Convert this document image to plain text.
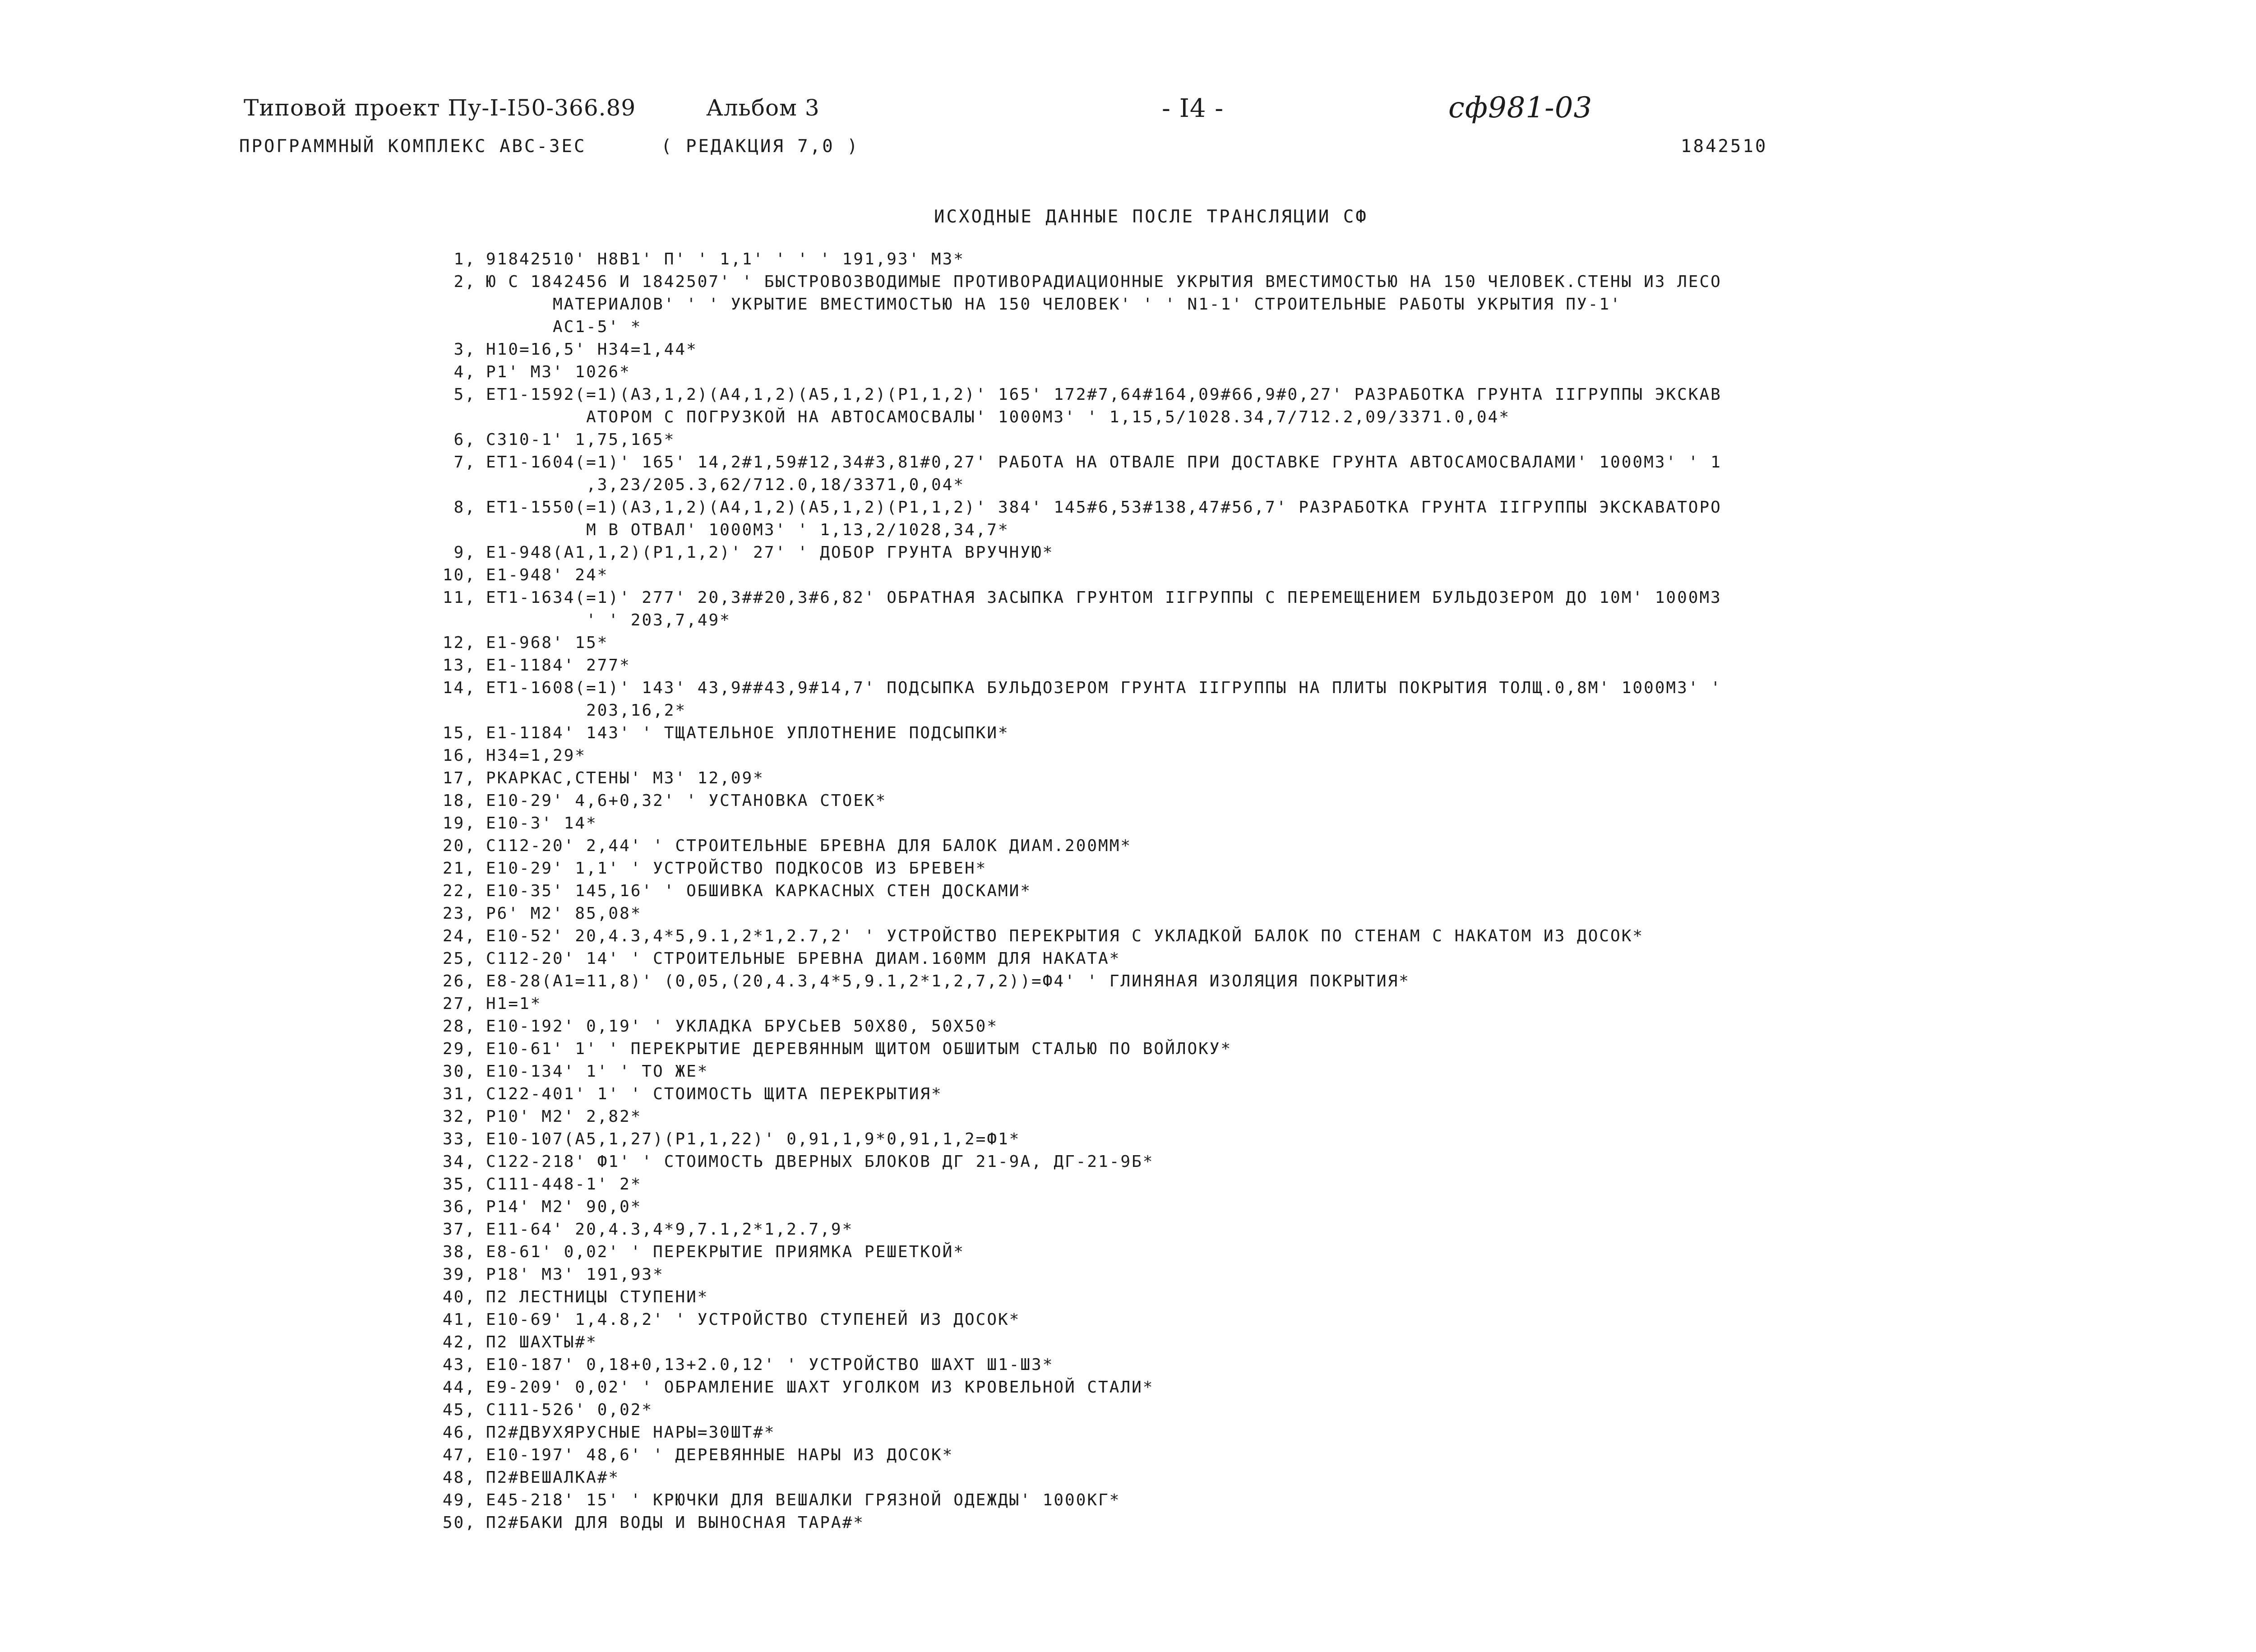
Типовой проект Пу-I-I50-366.89	Альбом 3	- I4 -	сф981-03
ПРОГРАММНЫЙ КОМПЛЕКС АВС-3ЕС	( РЕДАКЦИЯ 7,0 )	1842510
ИСХОДНЫЕ ДАННЫЕ ПОСЛЕ ТРАНСЛЯЦИИ СФ
1, 91842510' Н8В1' П' ' 1,1' ' ' ' 191,93' М3*
2, Ю С 1842456 И 1842507' ' БЫСТРОВОЗВОДИМЫЕ ПРОТИВОРАДИАЦИОННЫЕ УКРЫТИЯ ВМЕСТИМОСТЬЮ НА 150 ЧЕЛОВЕК.СТЕНЫ ИЗ ЛЕСО
МАТЕРИАЛОВ' ' ' УКРЫТИЕ ВМЕСТИМОСТЬЮ НА 150 ЧЕЛОВЕК' ' ' N1-1' СТРОИТЕЛЬНЫЕ РАБОТЫ УКРЫТИЯ ПУ-1'
АС1-5' *
3, Н10=16,5' Н34=1,44*
4, Р1' М3' 1026*
5, ЕТ1-1592(=1)(А3,1,2)(А4,1,2)(А5,1,2)(Р1,1,2)' 165' 172#7,64#164,09#66,9#0,27' РАЗРАБОТКА ГРУНТА IIГРУППЫ ЭКСКАВ
АТОРОМ С ПОГРУЗКОЙ НА АВТОСАМОСВАЛЫ' 1000М3' ' 1,15,5/1028.34,7/712.2,09/3371.0,04*
6, С310-1' 1,75,165*
7, ЕТ1-1604(=1)' 165' 14,2#1,59#12,34#3,81#0,27' РАБОТА НА ОТВАЛЕ ПРИ ДОСТАВКЕ ГРУНТА АВТОСАМОСВАЛАМИ' 1000М3' ' 1
,3,23/205.3,62/712.0,18/3371,0,04*
8, ЕТ1-1550(=1)(А3,1,2)(А4,1,2)(А5,1,2)(Р1,1,2)' 384' 145#6,53#138,47#56,7' РАЗРАБОТКА ГРУНТА IIГРУППЫ ЭКСКАВАТОРО
М В ОТВАЛ' 1000М3' ' 1,13,2/1028,34,7*
9, Е1-948(А1,1,2)(Р1,1,2)' 27' ' ДОБОР ГРУНТА ВРУЧНУЮ*
10, Е1-948' 24*
11, ЕТ1-1634(=1)' 277' 20,3##20,3#6,82' ОБРАТНАЯ ЗАСЫПКА ГРУНТОМ IIГРУППЫ С ПЕРЕМЕЩЕНИЕМ БУЛЬДОЗЕРОМ ДО 10М' 1000М3
' ' 203,7,49*
12, Е1-968' 15*
13, Е1-1184' 277*
14, ЕТ1-1608(=1)' 143' 43,9##43,9#14,7' ПОДСЫПКА БУЛЬДОЗЕРОМ ГРУНТА IIГРУППЫ НА ПЛИТЫ ПОКРЫТИЯ ТОЛЩ.0,8М' 1000М3' '
203,16,2*
15, Е1-1184' 143' ' ТЩАТЕЛЬНОЕ УПЛОТНЕНИЕ ПОДСЫПКИ*
16, Н34=1,29*
17, РКАРКАС,СТЕНЫ' М3' 12,09*
18, Е10-29' 4,6+0,32' ' УСТАНОВКА СТОЕК*
19, Е10-3' 14*
20, С112-20' 2,44' ' СТРОИТЕЛЬНЫЕ БРЕВНА ДЛЯ БАЛОК ДИАМ.200ММ*
21, Е10-29' 1,1' ' УСТРОЙСТВО ПОДКОСОВ ИЗ БРЕВЕН*
22, Е10-35' 145,16' ' ОБШИВКА КАРКАСНЫХ СТЕН ДОСКАМИ*
23, Р6' М2' 85,08*
24, Е10-52' 20,4.3,4*5,9.1,2*1,2.7,2' ' УСТРОЙСТВО ПЕРЕКРЫТИЯ С УКЛАДКОЙ БАЛОК ПО СТЕНАМ С НАКАТОМ ИЗ ДОСОК*
25, С112-20' 14' ' СТРОИТЕЛЬНЫЕ БРЕВНА ДИАМ.160ММ ДЛЯ НАКАТА*
26, Е8-28(А1=11,8)' (0,05,(20,4.3,4*5,9.1,2*1,2,7,2))=Ф4' ' ГЛИНЯНАЯ ИЗОЛЯЦИЯ ПОКРЫТИЯ*
27, Н1=1*
28, Е10-192' 0,19' ' УКЛАДКА БРУСЬЕВ 50Х80, 50Х50*
29, Е10-61' 1' ' ПЕРЕКРЫТИЕ ДЕРЕВЯННЫМ ЩИТОМ ОБШИТЫМ СТАЛЬЮ ПО ВОЙЛОКУ*
30, Е10-134' 1' ' ТО ЖЕ*
31, С122-401' 1' ' СТОИМОСТЬ ЩИТА ПЕРЕКРЫТИЯ*
32, Р10' М2' 2,82*
33, Е10-107(А5,1,27)(Р1,1,22)' 0,91,1,9*0,91,1,2=Ф1*
34, С122-218' Ф1' ' СТОИМОСТЬ ДВЕРНЫХ БЛОКОВ ДГ 21-9А, ДГ-21-9Б*
35, С111-448-1' 2*
36, Р14' М2' 90,0*
37, Е11-64' 20,4.3,4*9,7.1,2*1,2.7,9*
38, Е8-61' 0,02' ' ПЕРЕКРЫТИЕ ПРИЯМКА РЕШЕТКОЙ*
39, Р18' М3' 191,93*
40, П2 ЛЕСТНИЦЫ СТУПЕНИ*
41, Е10-69' 1,4.8,2' ' УСТРОЙСТВО СТУПЕНЕЙ ИЗ ДОСОК*
42, П2 ШАХТЫ#*
43, Е10-187' 0,18+0,13+2.0,12' ' УСТРОЙСТВО ШАХТ Ш1-Ш3*
44, Е9-209' 0,02' ' ОБРАМЛЕНИЕ ШАХТ УГОЛКОМ ИЗ КРОВЕЛЬНОЙ СТАЛИ*
45, С111-526' 0,02*
46, П2#ДВУХЯРУСНЫЕ НАРЫ=30ШТ#*
47, Е10-197' 48,6' ' ДЕРЕВЯННЫЕ НАРЫ ИЗ ДОСОК*
48, П2#ВЕШАЛКА#*
49, Е45-218' 15' ' КРЮЧКИ ДЛЯ ВЕШАЛКИ ГРЯЗНОЙ ОДЕЖДЫ' 1000КГ*
50, П2#БАКИ ДЛЯ ВОДЫ И ВЫНОСНАЯ ТАРА#*
